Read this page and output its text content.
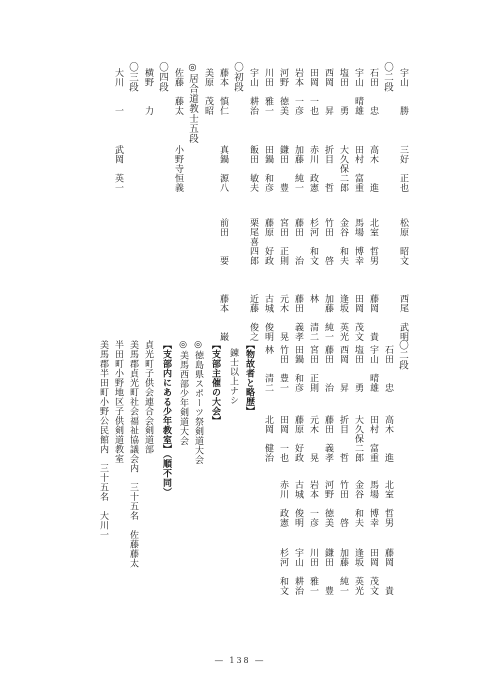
宇山　　勝
三好　正也
松原　昭文
西尾　武明
〇二段
石田　　忠
高木　　進
北室　哲男
藤岡　　貴
宇山　晴雄
田村　富重
馬場　博幸
田岡　茂文
塩田　　勇
大久保二郎
金谷　和夫
逢坂　英光
西岡　　昇
折目　　哲
竹田　　啓
加藤　純一
田岡　一也
赤川　政憲
杉河　和文
林　　清二
岩本　一彦
加藤　純一
藤田　　治
藤田　義孝
河野　徳美
鎌田　　豊
宮田　正則
元木　　晃
川田　雅一
田鍋　和彦
藤原　好政
古城　俊明
宇山　耕治
飯田　敏夫
栗尾喜四郎
近藤　俊之
〇初段
藤本　慎仁
真鍋　源八
前田　　要
藤本　　巌
美原　茂昭
◎居合道教士五段
佐藤　藤太
小野寺恒義
〇四段
横野　　力
〇三段
大川　　一
武岡　英一
〇二段
石田　　忠
高木　　進
北室　哲男
藤岡　　貴
宇山　晴雄
田村　富重
馬場　博幸
田岡　茂文
塩田　　勇
大久保二郎
金谷　和夫
逢坂　英光
西岡　　昇
折目　　哲
竹田　　啓
加藤　純一
藤田　　治
藤田　義孝
河野　徳美
鎌田　　豊
宮田　正則
元木　　晃
岩本　一彦
川田　雅一
田鍋　和彦
藤原　好政
古城　俊明
宇山　耕治
竹田　豊一
田岡　一也
赤川　政憲
杉河　和文
林　　清二
北岡　健治
【物故者と略歴】
錬士以上ナシ
【支部主催の大会】
◎徳島県スポーツ祭剣道大会
◎美馬西部少年剣道大会
【支部内にある少年教室】（順不同）
貞光町子供会連合会剣道部
美馬郡貞光町社会福祉協議会内　三十五名　佐藤藤太
半田町小野地区子供剣道教室
美馬郡半田町小野公民館内　三十五名　大川一
― 138 ―
